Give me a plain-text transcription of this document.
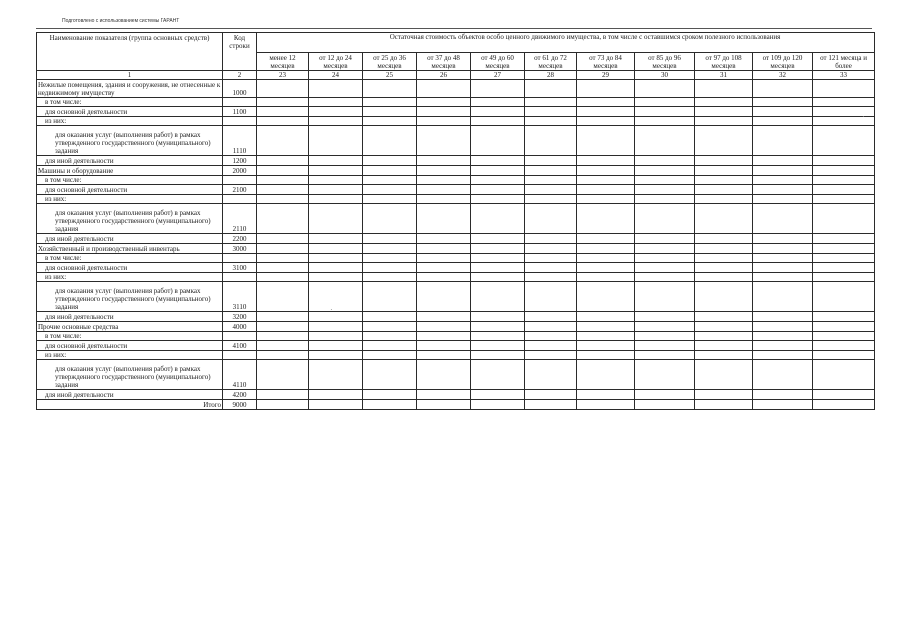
Подготовлено с использованием системы ГАРАНТ
Наименование показателя (группа основных средств)	Код строки	Остаточная стоимость объектов особо ценного движимого имущества, в том числе с оставшимся сроком полезного использования										
		менее 12 месяцев	от 12 до 24 месяцев	от 25 до 36 месяцев	от 37 до 48 месяцев	от 49 до 60 месяцев	от 61 до 72 месяцев	от 73 до 84 месяцев	от 85 до 96 месяцев	от 97 до 108 месяцев	от 109 до 120 месяцев	от 121 месяца и более
1	2	23	24	25	26	27	28	29	30	31	32	33
Нежилые помещения, здания и сооружения, не отнесенные к недвижимому имуществу	1000											
в том числе:												
для основной деятельности	1100											
из них:												
для оказания услуг (выполнения работ) в рамках утвержденного государственного (муниципального) задания	1110											
для иной деятельности	1200											
Машины и оборудование	2000											
в том числе:												
для основной деятельности	2100											
из них:												
для оказания услуг (выполнения работ) в рамках утвержденного государственного (муниципального) задания	2110											
для иной деятельности	2200											
Хозяйственный и производственный инвентарь	3000											
в том числе:												
для основной деятельности	3100											
из них:												
для оказания услуг (выполнения работ) в рамках утвержденного государственного (муниципального) задания	3110											
для иной деятельности	3200											
Прочие основные средства	4000											
в том числе:												
для основной деятельности	4100											
из них:												
для оказания услуг (выполнения работ) в рамках утвержденного государственного (муниципального) задания	4110											
для иной деятельности	4200											
Итого	9000											
·
·
